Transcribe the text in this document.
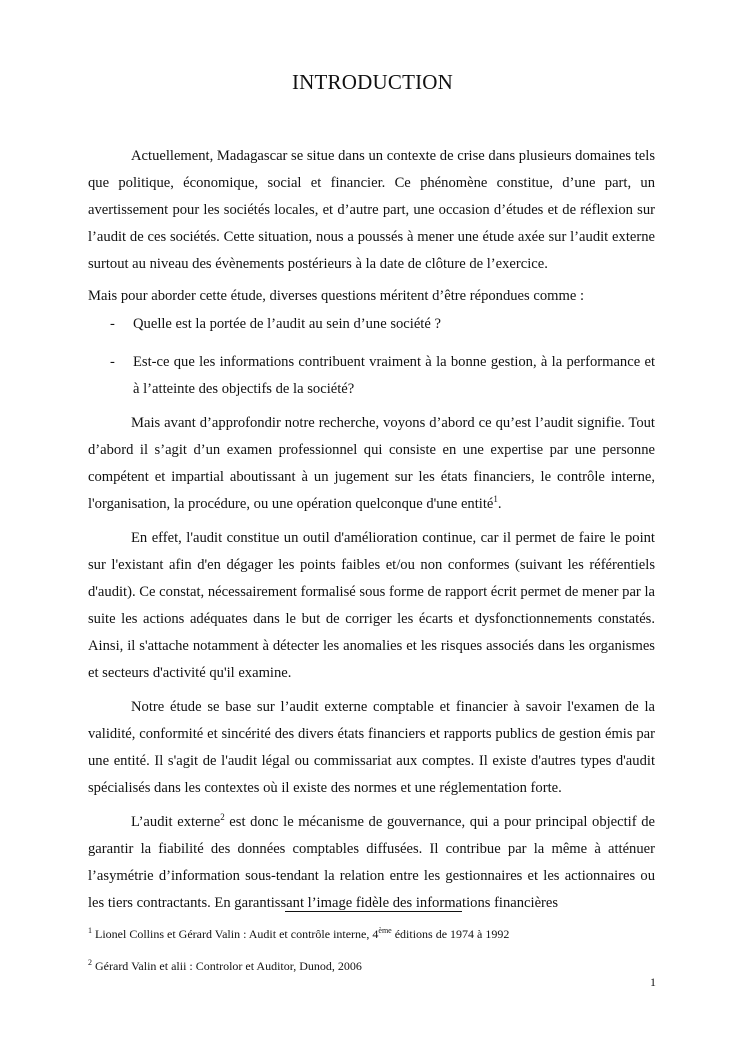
INTRODUCTION

Actuellement, Madagascar se situe dans un contexte de crise dans plusieurs domaines tels que politique, économique, social et financier. Ce phénomène constitue, d’une part, un avertissement pour les sociétés locales, et d’autre part, une occasion d’études et de réflexion sur l’audit de ces sociétés. Cette situation, nous a poussés à mener une étude axée sur l’audit externe surtout au niveau des évènements postérieurs à la date de clôture de l’exercice.

Mais pour aborder cette étude, diverses questions méritent d’être répondues comme :

- Quelle est la portée de l’audit au sein d’une société ?
- Est-ce que les informations contribuent vraiment à la bonne gestion, à la performance et à l’atteinte des objectifs de la société?

Mais avant d’approfondir notre recherche, voyons d’abord ce qu’est l’audit signifie. Tout d’abord il s’agit d’un examen professionnel qui consiste en une expertise par une personne compétent et impartial aboutissant à un jugement sur les états financiers, le contrôle interne, l'organisation, la procédure, ou une opération quelconque d'une entité$^1$.

En effet, l'audit constitue un outil d'amélioration continue, car il permet de faire le point sur l'existant afin d'en dégager les points faibles et/ou non conformes (suivant les référentiels d'audit). Ce constat, nécessairement formalisé sous forme de rapport écrit permet de mener par la suite les actions adéquates dans le but de corriger les écarts et dysfonctionnements constatés. Ainsi, il s'attache notamment à détecter les anomalies et les risques associés dans les organismes et secteurs d'activité qu'il examine.

Notre étude se base sur l’audit externe comptable et financier à savoir l'examen de la validité, conformité et sincérité des divers états financiers et rapports publics de gestion émis par une entité. Il s'agit de l'audit légal ou commissariat aux comptes. Il existe d'autres types d'audit spécialisés dans les contextes où il existe des normes et une réglementation forte.

L’audit externe$^2$ est donc le mécanisme de gouvernance, qui a pour principal objectif de garantir la fiabilité des données comptables diffusées. Il contribue par la même à atténuer l’asymétrie d’information sous-tendant la relation entre les gestionnaires et les actionnaires ou les tiers contractants. En garantissant l’image fidèle des informations financières

$^1$ Lionel Collins et Gérard Valin : Audit et contrôle interne, 4ème éditions de 1974 à 1992
$^2$ Gérard Valin et alii : Controlor et Auditor, Dunod, 2006
1
